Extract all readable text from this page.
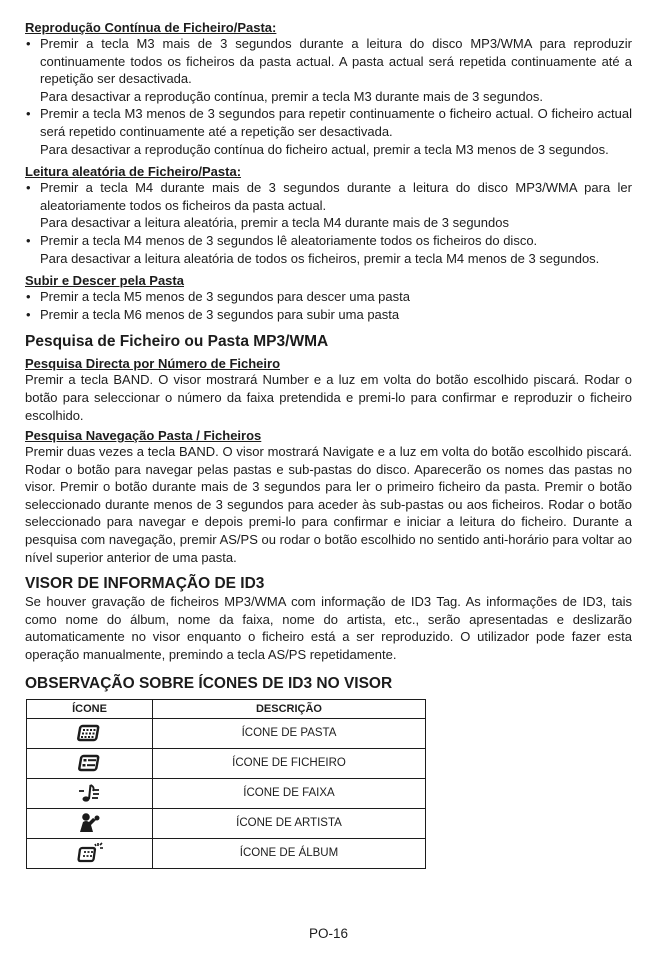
Reprodução Contínua de Ficheiro/Pasta:

• Premir a tecla M3 mais de 3 segundos durante a leitura do disco MP3/WMA para reproduzir continuamente todos os ficheiros da pasta actual. A pasta actual será repetida continuamente até a repetição ser desactivada.
Para desactivar a reprodução contínua, premir a tecla M3 durante mais de 3 segundos.
• Premir a tecla M3 menos de 3 segundos para repetir continuamente o ficheiro actual. O ficheiro actual será repetido continuamente até a repetição ser desactivada.
Para desactivar a reprodução contínua do ficheiro actual, premir a tecla M3 menos de 3 segundos.

Leitura aleatória de Ficheiro/Pasta:

• Premir a tecla M4 durante mais de 3 segundos durante a leitura do disco MP3/WMA para ler aleatoriamente todos os ficheiros da pasta actual.
Para desactivar a leitura aleatória, premir a tecla M4 durante mais de 3 segundos
• Premir a tecla M4 menos de 3 segundos lê aleatoriamente todos os ficheiros do disco.
Para desactivar a leitura aleatória de todos os ficheiros, premir a tecla M4 menos de 3 segundos.

Subir e Descer pela Pasta

• Premir a tecla M5 menos de 3 segundos para descer uma pasta
• Premir a tecla M6 menos de 3 segundos para subir uma pasta

Pesquisa de Ficheiro ou Pasta MP3/WMA

Pesquisa Directa por Número de Ficheiro

Premir a tecla BAND. O visor mostrará Number e a luz em volta do botão escolhido piscará. Rodar o botão para seleccionar o número da faixa pretendida e premi-lo para confirmar e reproduzir o ficheiro escolhido.

Pesquisa Navegação Pasta / Ficheiros

Premir duas vezes a tecla BAND. O visor mostrará Navigate e a luz em volta do botão escolhido piscará. Rodar o botão para navegar pelas pastas e sub-pastas do disco. Aparecerão os nomes das pastas no visor. Premir o botão durante mais de 3 segundos para ler o primeiro ficheiro da pasta. Premir o botão seleccionado durante menos de 3 segundos para aceder às sub-pastas ou aos ficheiros. Rodar o botão seleccionado para navegar e depois premi-lo para confirmar e iniciar a leitura do ficheiro. Durante a pesquisa com navegação, premir AS/PS ou rodar o botão escolhido no sentido anti-horário para voltar ao nível superior anterior de uma pasta.

VISOR DE INFORMAÇÃO DE ID3

Se houver gravação de ficheiros MP3/WMA com informação de ID3 Tag. As informações de ID3, tais como nome do álbum, nome da faixa, nome do artista, etc., serão apresentadas e deslizarão automaticamente no visor enquanto o ficheiro está a ser reproduzido. O utilizador pode fazer esta operação manualmente, premindo a tecla AS/PS repetidamente.

OBSERVAÇÃO SOBRE ÍCONES DE ID3 NO VISOR

ÍCONE	DESCRIÇÃO

	ÍCONE DE PASTA

	ÍCONE DE FICHEIRO

	ÍCONE DE FAIXA

	ÍCONE DE ARTISTA

	ÍCONE DE ÁLBUM
PO-16
